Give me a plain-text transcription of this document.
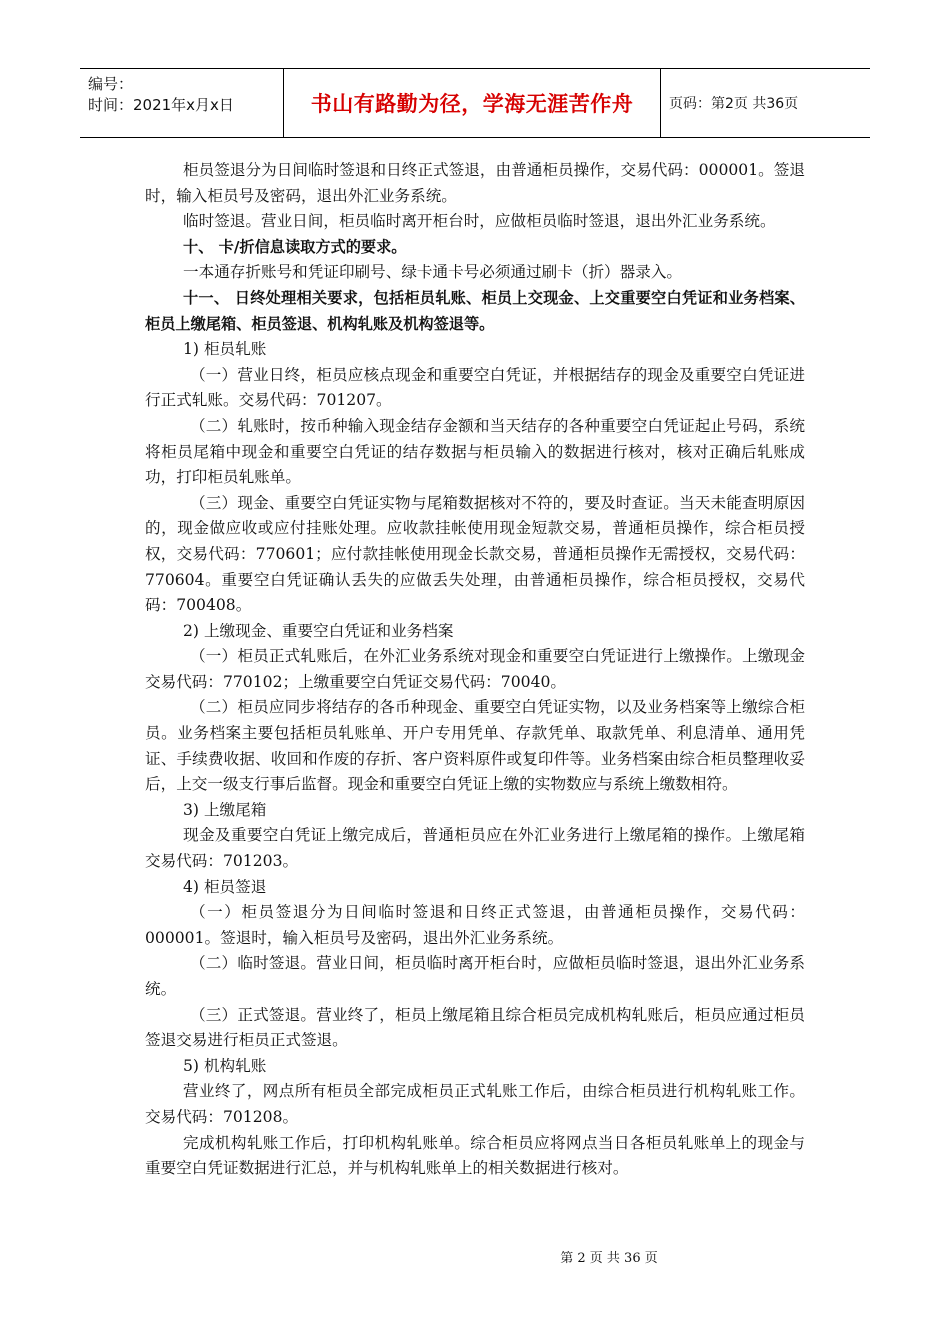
编号：
时间：2021年x月x日	书山有路勤为径，学海无涯苦作舟	页码：第2页 共36页

柜员签退分为日间临时签退和日终正式签退，由普通柜员操作，交易代码：000001。签退时，输入柜员号及密码，退出外汇业务系统。

临时签退。营业日间，柜员临时离开柜台时，应做柜员临时签退，退出外汇业务系统。

十、 卡/折信息读取方式的要求。

一本通存折账号和凭证印刷号、绿卡通卡号必须通过刷卡（折）器录入。

十一、 日终处理相关要求，包括柜员轧账、柜员上交现金、上交重要空白凭证和业务档案、柜员上缴尾箱、柜员签退、机构轧账及机构签退等。

1) 柜员轧账

（一）营业日终，柜员应核点现金和重要空白凭证，并根据结存的现金及重要空白凭证进行正式轧账。交易代码：701207。

（二）轧账时，按币种输入现金结存金额和当天结存的各种重要空白凭证起止号码，系统将柜员尾箱中现金和重要空白凭证的结存数据与柜员输入的数据进行核对，核对正确后轧账成功，打印柜员轧账单。

（三）现金、重要空白凭证实物与尾箱数据核对不符的，要及时查证。当天未能查明原因的，现金做应收或应付挂账处理。应收款挂帐使用现金短款交易，普通柜员操作，综合柜员授权，交易代码：770601；应付款挂帐使用现金长款交易，普通柜员操作无需授权，交易代码：770604。重要空白凭证确认丢失的应做丢失处理，由普通柜员操作，综合柜员授权，交易代码：700408。

2) 上缴现金、重要空白凭证和业务档案

（一）柜员正式轧账后，在外汇业务系统对现金和重要空白凭证进行上缴操作。上缴现金交易代码：770102；上缴重要空白凭证交易代码：70040。

（二）柜员应同步将结存的各币种现金、重要空白凭证实物，以及业务档案等上缴综合柜员。业务档案主要包括柜员轧账单、开户专用凭单、存款凭单、取款凭单、利息清单、通用凭证、手续费收据、收回和作废的存折、客户资料原件或复印件等。业务档案由综合柜员整理收妥后，上交一级支行事后监督。现金和重要空白凭证上缴的实物数应与系统上缴数相符。

3) 上缴尾箱

现金及重要空白凭证上缴完成后，普通柜员应在外汇业务进行上缴尾箱的操作。上缴尾箱交易代码：701203。

4) 柜员签退

（一）柜员签退分为日间临时签退和日终正式签退，由普通柜员操作，交易代码：000001。签退时，输入柜员号及密码，退出外汇业务系统。

（二）临时签退。营业日间，柜员临时离开柜台时，应做柜员临时签退，退出外汇业务系统。

（三）正式签退。营业终了，柜员上缴尾箱且综合柜员完成机构轧账后，柜员应通过柜员签退交易进行柜员正式签退。

5) 机构轧账

营业终了，网点所有柜员全部完成柜员正式轧账工作后，由综合柜员进行机构轧账工作。交易代码：701208。

完成机构轧账工作后，打印机构轧账单。综合柜员应将网点当日各柜员轧账单上的现金与重要空白凭证数据进行汇总，并与机构轧账单上的相关数据进行核对。

第 2 页 共 36 页
